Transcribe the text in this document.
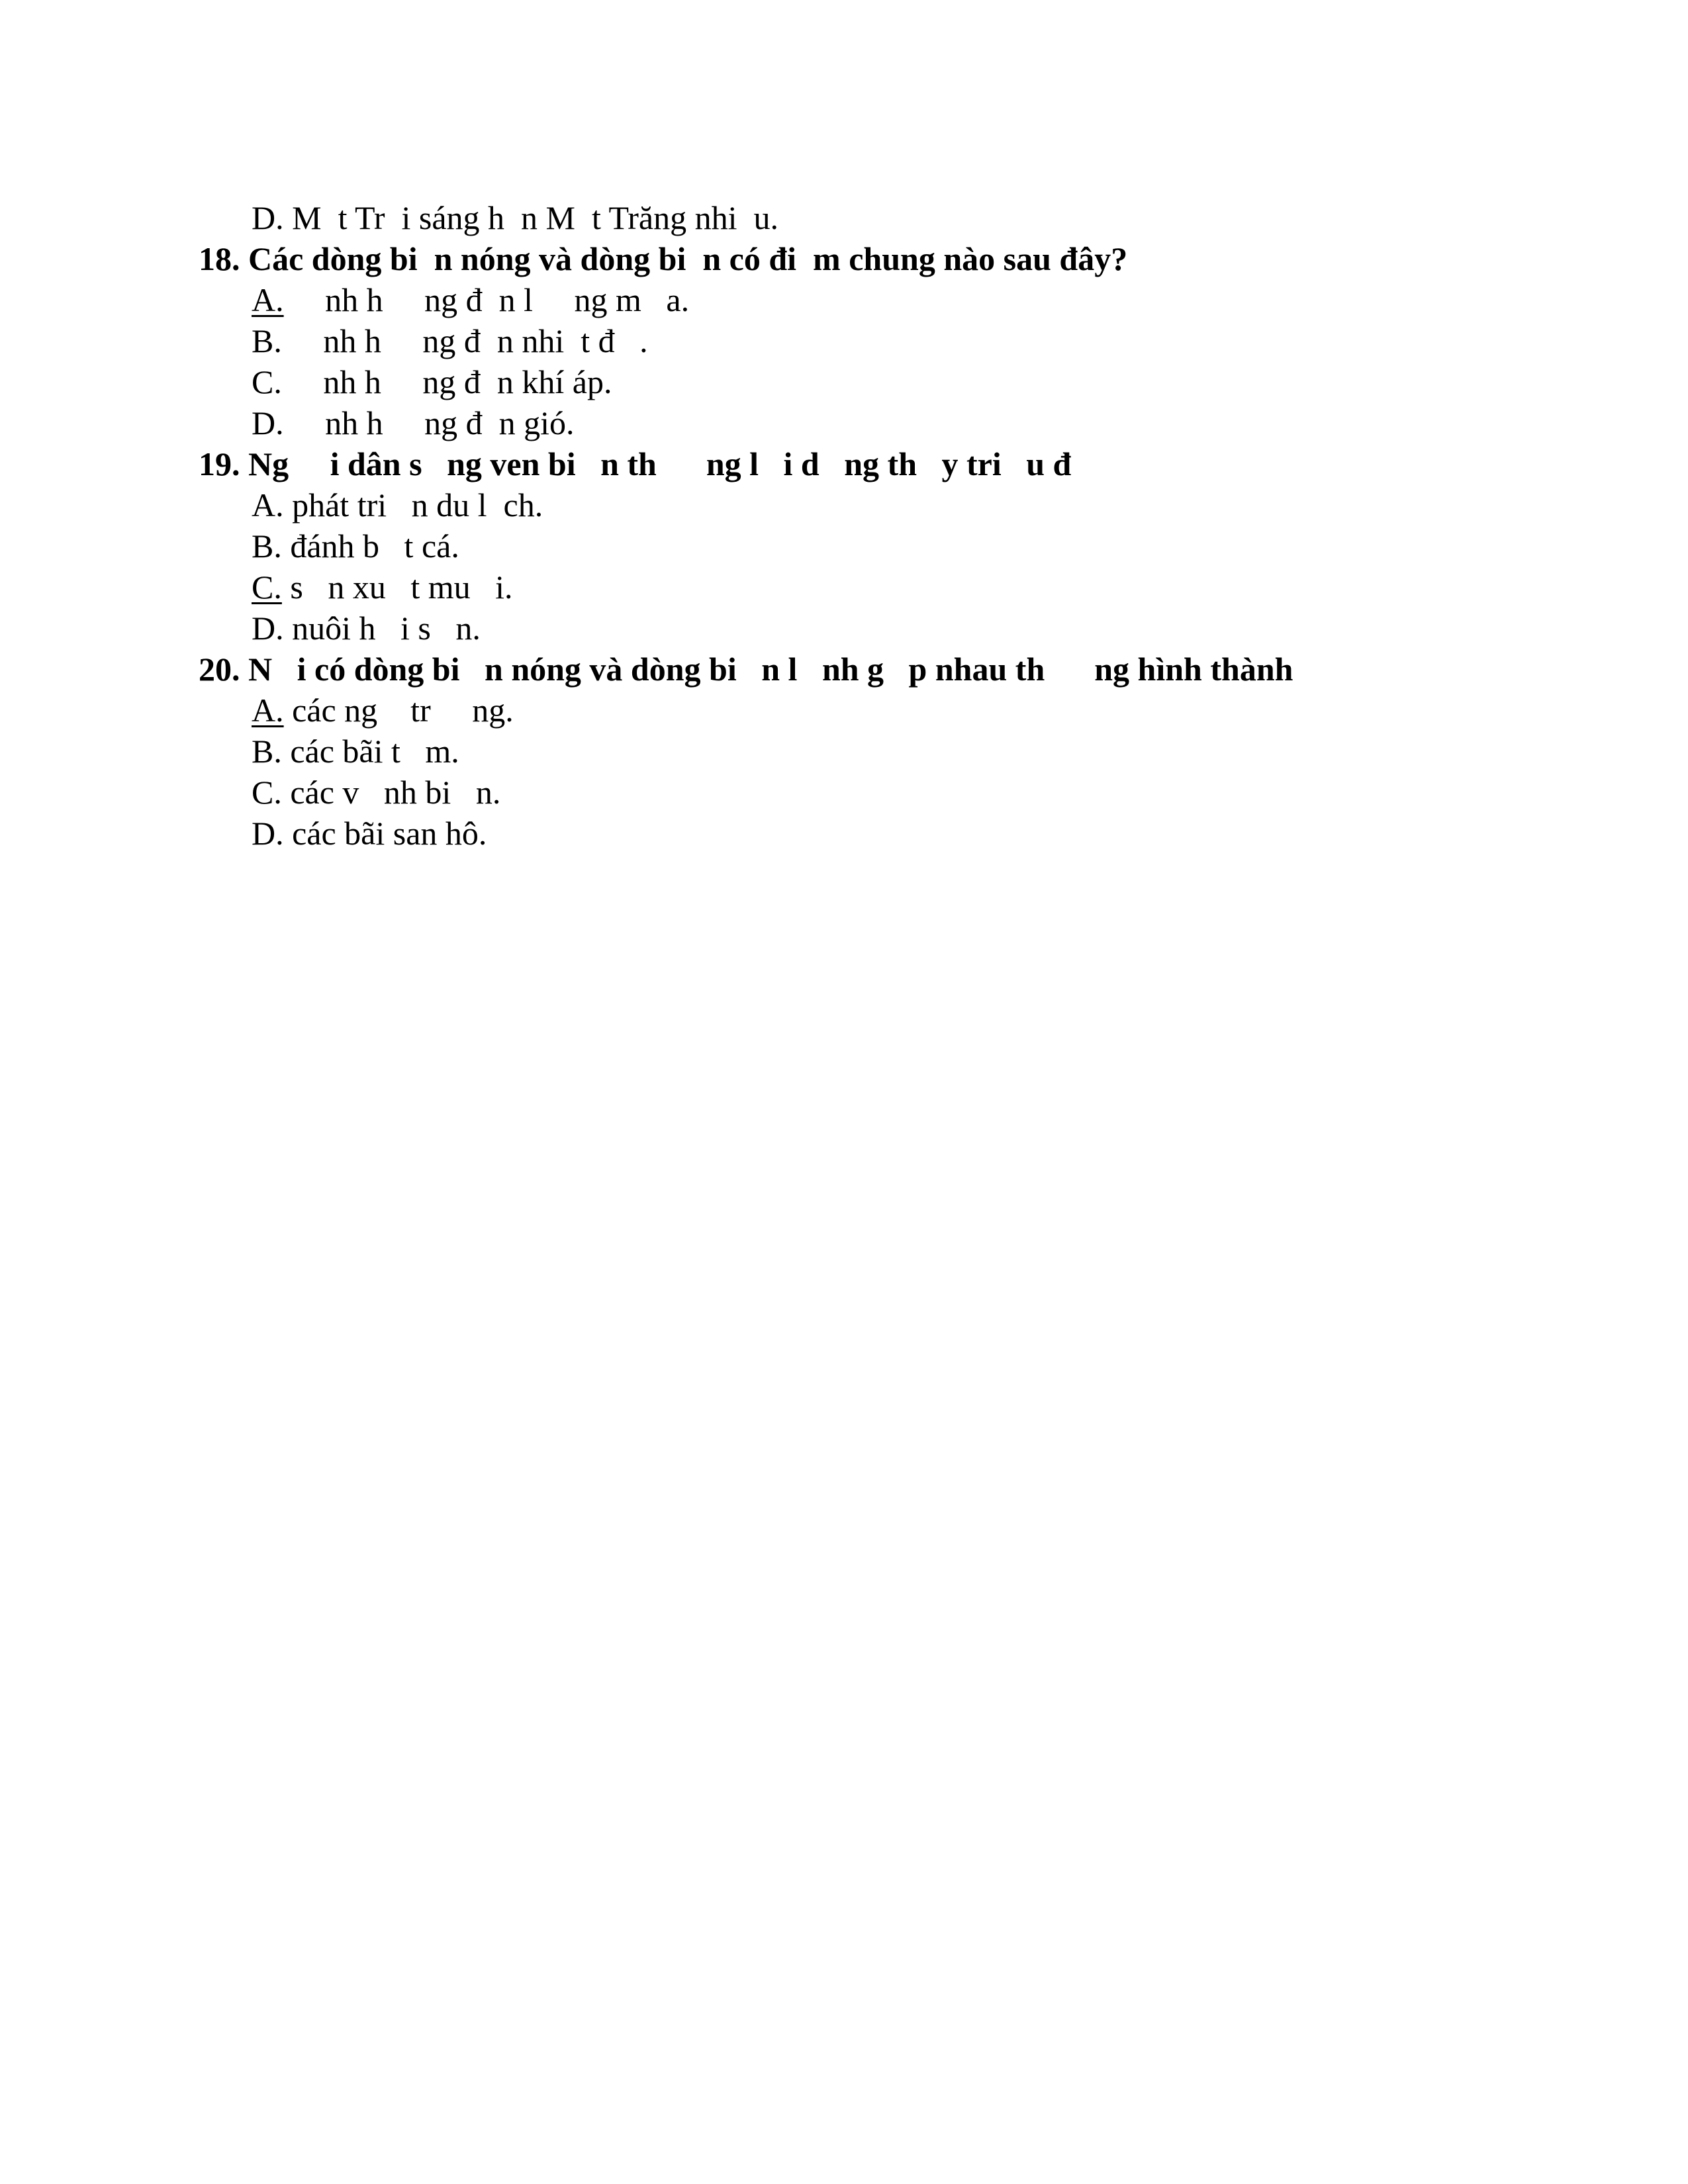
D. M  t Tr  i sáng h  n M  t Trăng nhi  u.
18. Các dòng bi  n nóng và dòng bi  n có đi  m chung nào sau đây?
A.     nh h     ng đ  n l     ng m   a.
B.     nh h     ng đ  n nhi  t đ   .
C.     nh h     ng đ  n khí áp.
D.     nh h     ng đ  n gió.
19. Ng     i dân s   ng ven bi   n th      ng l   i d   ng th   y tri   u đ
A. phát tri   n du l  ch.
B. đánh b   t cá.
C. s   n xu   t mu   i.
D. nuôi h   i s   n.
20. N   i có dòng bi   n nóng và dòng bi   n l   nh g   p nhau th      ng hình thành
A. các ng    tr     ng.
B. các bãi t   m.
C. các v   nh bi   n.
D. các bãi san hô.
